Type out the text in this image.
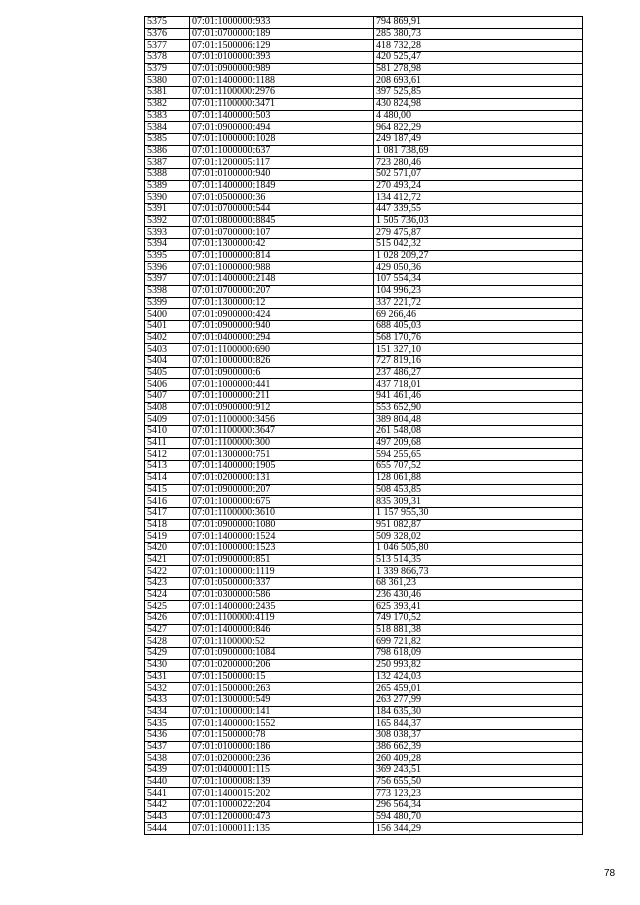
5375	07:01:1000000:933	794 869,91
5376	07:01:0700000:189	285 380,73
5377	07:01:1500006:129	418 732,28
5378	07:01:0100000:393	420 525,47
5379	07:01:0900000:989	581 278,98
5380	07:01:1400000:1188	208 693,61
5381	07:01:1100000:2976	397 525,85
5382	07:01:1100000:3471	430 824,98
5383	07:01:1400000:503	4 480,00
5384	07:01:0900000:494	964 822,29
5385	07:01:1000000:1028	249 187,49
5386	07:01:1000000:637	1 081 738,69
5387	07:01:1200005:117	723 280,46
5388	07:01:0100000:940	502 571,07
5389	07:01:1400000:1849	270 493,24
5390	07:01:0500000:36	134 412,72
5391	07:01:0700000:544	447 339,55
5392	07:01:0800000:8845	1 505 736,03
5393	07:01:0700000:107	279 475,87
5394	07:01:1300000:42	515 042,32
5395	07:01:1000000:814	1 028 209,27
5396	07:01:1000000:988	429 050,36
5397	07:01:1400000:2148	107 554,34
5398	07:01:0700000:207	104 996,23
5399	07:01:1300000:12	337 221,72
5400	07:01:0900000:424	69 266,46
5401	07:01:0900000:940	688 405,03
5402	07:01:0400000:294	568 170,76
5403	07:01:1100000:690	151 327,10
5404	07:01:1000000:826	727 819,16
5405	07:01:0900000:6	237 486,27
5406	07:01:1000000:441	437 718,01
5407	07:01:1000000:211	941 461,46
5408	07:01:0900000:912	553 652,90
5409	07:01:1100000:3456	389 804,48
5410	07:01:1100000:3647	261 548,08
5411	07:01:1100000:300	497 209,68
5412	07:01:1300000:751	594 255,65
5413	07:01:1400000:1905	655 707,52
5414	07:01:0200000:131	128 061,88
5415	07:01:0900000:207	508 453,85
5416	07:01:1000000:675	835 309,31
5417	07:01:1100000:3610	1 157 955,30
5418	07:01:0900000:1080	951 082,87
5419	07:01:1400000:1524	509 328,02
5420	07:01:1000000:1523	1 046 505,80
5421	07:01:0900000:851	513 514,35
5422	07:01:1000000:1119	1 339 866,73
5423	07:01:0500000:337	68 361,23
5424	07:01:0300000:586	236 430,46
5425	07:01:1400000:2435	625 393,41
5426	07:01:1100000:4119	749 170,52
5427	07:01:1400000:846	518 881,38
5428	07:01:1100000:52	699 721,82
5429	07:01:0900000:1084	798 618,09
5430	07:01:0200000:206	250 993,82
5431	07:01:1500000:15	132 424,03
5432	07:01:1500000:263	265 459,01
5433	07:01:1300000:549	263 277,99
5434	07:01:1000000:141	184 635,30
5435	07:01:1400000:1552	165 844,37
5436	07:01:1500000:78	308 038,37
5437	07:01:0100000:186	386 662,39
5438	07:01:0200000:236	260 409,28
5439	07:01:0400001:115	369 243,51
5440	07:01:1000008:139	756 655,50
5441	07:01:1400015:202	773 123,23
5442	07:01:1000022:204	296 564,34
5443	07:01:1200000:473	594 480,70
5444	07:01:1000011:135	156 344,29
78
